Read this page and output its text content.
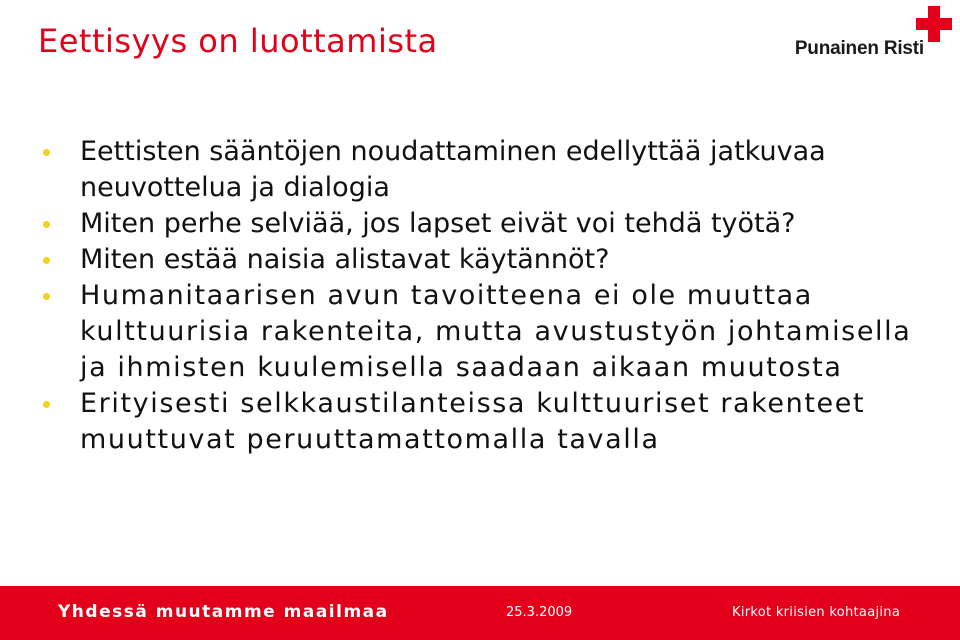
Eettisyys on luottamista	Punainen Risti
Eettisten sääntöjen noudattaminen edellyttää jatkuvaa neuvottelua ja dialogia
Miten perhe selviää, jos lapset eivät voi tehdä työtä?
Miten estää naisia alistavat käytännöt?
Humanitaarisen avun tavoitteena ei ole muuttaa kulttuurisia rakenteita, mutta avustustyön johtamisella ja ihmisten kuulemisella saadaan aikaan muutosta
Erityisesti selkkaustilanteissa kulttuuriset rakenteet muuttuvat peruuttamattomalla tavalla
Yhdessä muutamme maailmaa	25.3.2009	Kirkot kriisien kohtaajina
